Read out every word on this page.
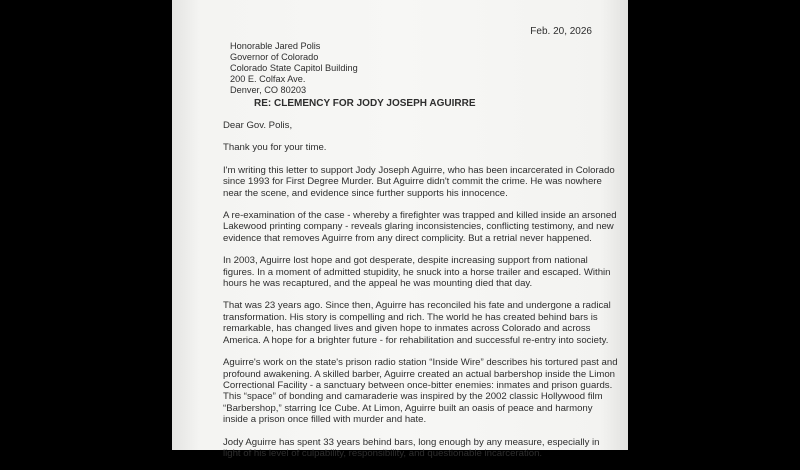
Feb. 20, 2026
Honorable Jared Polis
Governor of Colorado
Colorado State Capitol Building
200 E. Colfax Ave.
Denver, CO 80203
RE: CLEMENCY FOR JODY JOSEPH AGUIRRE

Dear Gov. Polis,

Thank you for your time.

I'm writing this letter to support Jody Joseph Aguirre, who has been incarcerated in Colorado since 1993 for First Degree Murder. But Aguirre didn't commit the crime. He was nowhere near the scene, and evidence since further supports his innocence.

A re-examination of the case - whereby a firefighter was trapped and killed inside an arsoned Lakewood printing company - reveals glaring inconsistencies, conflicting testimony, and new evidence that removes Aguirre from any direct complicity. But a retrial never happened.

In 2003, Aguirre lost hope and got desperate, despite increasing support from national figures. In a moment of admitted stupidity, he snuck into a horse trailer and escaped. Within hours he was recaptured, and the appeal he was mounting died that day.

That was 23 years ago. Since then, Aguirre has reconciled his fate and undergone a radical transformation. His story is compelling and rich. The world he has created behind bars is remarkable, has changed lives and given hope to inmates across Colorado and across America. A hope for a brighter future - for rehabilitation and successful re-entry into society.

Aguirre's work on the state's prison radio station “Inside Wire” describes his tortured past and profound awakening. A skilled barber, Aguirre created an actual barbershop inside the Limon Correctional Facility - a sanctuary between once-bitter enemies: inmates and prison guards. This “space” of bonding and camaraderie was inspired by the 2002 classic Hollywood film “Barbershop,” starring Ice Cube. At Limon, Aguirre built an oasis of peace and harmony inside a prison once filled with murder and hate.

Jody Aguirre has spent 33 years behind bars, long enough by any measure, especially in light of his level of culpability, responsibility, and questionable incarceration.
